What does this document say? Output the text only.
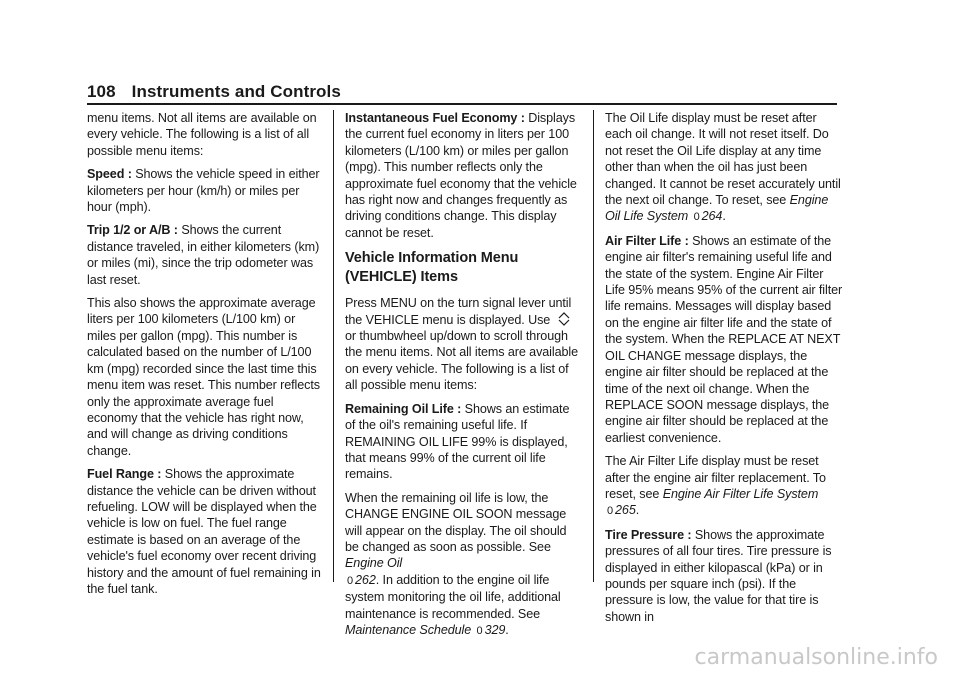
108 Instruments and Controls

menu items. Not all items are available on every vehicle. The following is a list of all possible menu items:

Speed : Shows the vehicle speed in either kilometers per hour (km/h) or miles per hour (mph).

Trip 1/2 or A/B : Shows the current distance traveled, in either kilometers (km) or miles (mi), since the trip odometer was last reset.

This also shows the approximate average liters per 100 kilometers (L/100 km) or miles per gallon (mpg). This number is calculated based on the number of L/100 km (mpg) recorded since the last time this menu item was reset. This number reflects only the approximate average fuel economy that the vehicle has right now, and will change as driving conditions change.

Fuel Range : Shows the approximate distance the vehicle can be driven without refueling. LOW will be displayed when the vehicle is low on fuel. The fuel range estimate is based on an average of the vehicle's fuel economy over recent driving history and the amount of fuel remaining in the fuel tank.

Instantaneous Fuel Economy : Displays the current fuel economy in liters per 100 kilometers (L/100 km) or miles per gallon (mpg). This number reflects only the approximate fuel economy that the vehicle has right now and changes frequently as driving conditions change. This display cannot be reset.

Vehicle Information Menu (VEHICLE) Items

Press MENU on the turn signal lever until the VEHICLE menu is displayed. Use  or thumbwheel up/down to scroll through the menu items. Not all items are available on every vehicle. The following is a list of all possible menu items:

Remaining Oil Life : Shows an estimate of the oil's remaining useful life. If REMAINING OIL LIFE 99% is displayed, that means 99% of the current oil life remains.

When the remaining oil life is low, the CHANGE ENGINE OIL SOON message will appear on the display. The oil should be changed as soon as possible. See Engine Oil
0 262. In addition to the engine oil life system monitoring the oil life, additional maintenance is recommended. See Maintenance Schedule 0 329.

The Oil Life display must be reset after each oil change. It will not reset itself. Do not reset the Oil Life display at any time other than when the oil has just been changed. It cannot be reset accurately until the next oil change. To reset, see Engine Oil Life System 0 264.

Air Filter Life : Shows an estimate of the engine air filter's remaining useful life and the state of the system. Engine Air Filter Life 95% means 95% of the current air filter life remains. Messages will display based on the engine air filter life and the state of the system. When the REPLACE AT NEXT OIL CHANGE message displays, the engine air filter should be replaced at the time of the next oil change. When the REPLACE SOON message displays, the engine air filter should be replaced at the earliest convenience.

The Air Filter Life display must be reset after the engine air filter replacement. To reset, see Engine Air Filter Life System 0 265.

Tire Pressure : Shows the approximate pressures of all four tires. Tire pressure is displayed in either kilopascal (kPa) or in pounds per square inch (psi). If the pressure is low, the value for that tire is shown in

carmanualsonline.info
